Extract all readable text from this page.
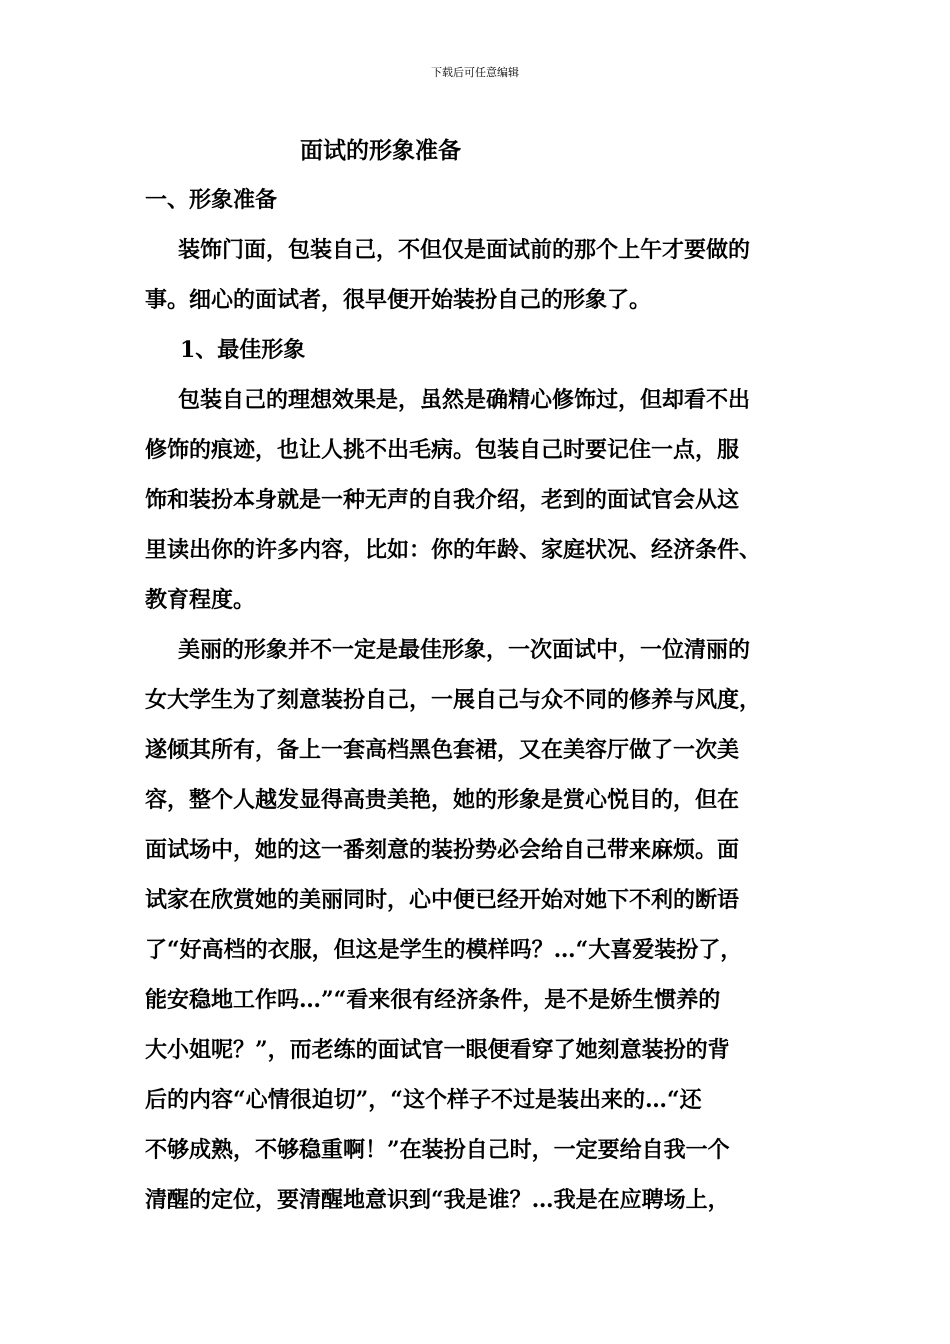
下载后可任意编辑
面试的形象准备
一、形象准备
装饰门面，包装自己，不但仅是面试前的那个上午才要做的
事。细心的面试者，很早便开始装扮自己的形象了。
1、最佳形象
包装自己的理想效果是，虽然是确精心修饰过，但却看不出
修饰的痕迹，也让人挑不出毛病。包装自己时要记住一点，服
饰和装扮本身就是一种无声的自我介绍，老到的面试官会从这
里读出你的许多内容，比如：你的年龄、家庭状况、经济条件、
教育程度。
美丽的形象并不一定是最佳形象，一次面试中，一位清丽的
女大学生为了刻意装扮自己，一展自己与众不同的修养与风度，
遂倾其所有，备上一套高档黑色套裙，又在美容厅做了一次美
容，整个人越发显得高贵美艳，她的形象是赏心悦目的，但在
面试场中，她的这一番刻意的装扮势必会给自己带来麻烦。面
试家在欣赏她的美丽同时，心中便已经开始对她下不利的断语
了“好高档的衣服，但这是学生的模样吗？…“大喜爱装扮了，
能安稳地工作吗…”“看来很有经济条件，是不是娇生惯养的
大小姐呢？”，而老练的面试官一眼便看穿了她刻意装扮的背
后的内容“心情很迫切”，“这个样子不过是装出来的…“还
不够成熟，不够稳重啊！”在装扮自己时，一定要给自我一个
清醒的定位，要清醒地意识到“我是谁？…我是在应聘场上，
